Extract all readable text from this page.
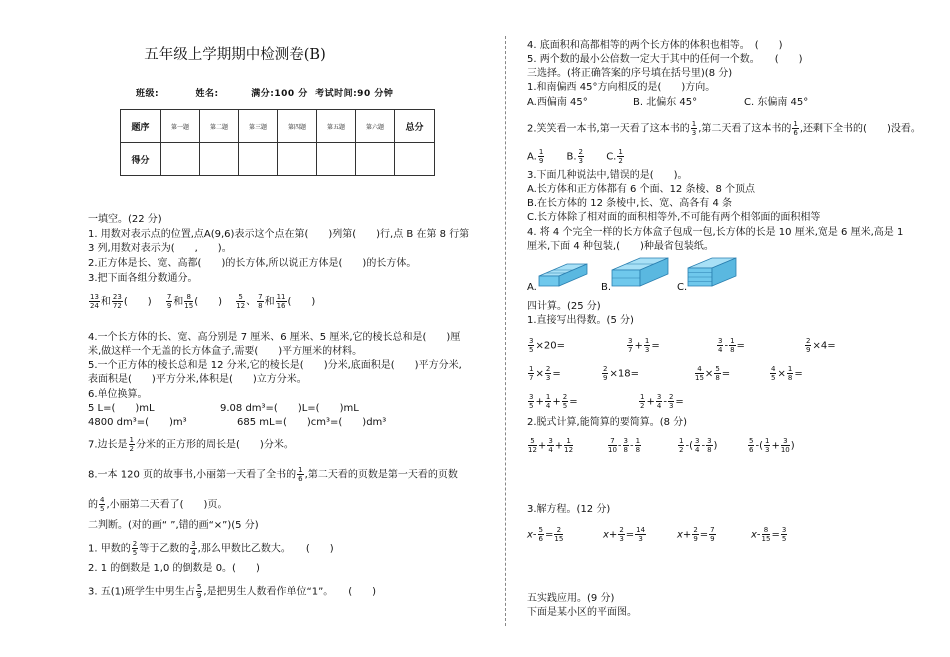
五年级上学期期中检测卷(B)
班级:	姓名:	满分:100 分 考试时间:90 分钟
题序	第一题	第二题	第三题	第四题	第五题	第六题	总分
得分							
一填空。(22 分)
1. 用数对表示点的位置,点A(9,6)表示这个点在第(　　)列第(　　)行,点 B 在第 8 行第
3 列,用数对表示为(　　,　　)。
2.正方体是长、宽、高都(　　)的长方体,所以说正方体是(　　)的长方体。
3.把下面各组分数通分。
$\frac{13}{24}$ 和 $\frac{23}{72}$ (　　)　 $\frac{7}{9}$ 和 $\frac{8}{15}$ (　　)　 $\frac{5}{12}$ 、 $\frac{7}{8}$ 和 $\frac{11}{16}$ (　　)
4.一个长方体的长、宽、高分别是 7 厘米、6 厘米、5 厘米,它的棱长总和是(　　)厘
米,做这样一个无盖的长方体盒子,需要(　　)平方厘米的材料。
5.一个正方体的棱长总和是 12 分米,它的棱长是(　　)分米,底面积是(　　)平方分米,
表面积是(　　)平方分米,体积是(　　)立方分米。
6.单位换算。
5 L=(　　)mL	9.08 dm³=(　　)L=(　　)mL
4800 dm³=(　　)m³	685 mL=(　　)cm³=(　　)dm³
7.边长是 $\frac{1}{2}$ 分米的正方形的周长是(　　)分米。
8.一本 120 页的故事书,小丽第一天看了全书的 $\frac{1}{6}$ ,第二天看的页数是第一天看的页数
的 $\frac{4}{5}$ ,小丽第二天看了(　　)页。
二判断。(对的画“ ”,错的画“×”)(5 分)
1. 甲数的 $\frac{2}{5}$ 等于乙数的 $\frac{3}{4}$ ,那么甲数比乙数大。　　(　　)
2. 1 的倒数是 1,0 的倒数是 0。(　　)
3. 五(1)班学生中男生占 $\frac{5}{9}$ ,是把男生人数看作单位“1”。　　(　　)
4. 底面积和高都相等的两个长方体的体积也相等。　(　　)
5. 两个数的最小公倍数一定大于其中的任何一个数。　　(　　)
三选择。(将正确答案的序号填在括号里)(8 分)
1.和南偏西 45°方向相反的是(　　)方向。
A.西偏南 45°	B. 北偏东 45°	C. 东偏南 45°
2.笑笑看一本书,第一天看了这本书的 $\frac{1}{3}$ ,第二天看了这本书的 $\frac{1}{6}$ ,还剩下全书的(　　)没看。
A. $\frac{1}{9} B$. $\frac{2}{3} C$. $\frac{1}{2}$
3.下面几种说法中,错误的是(　　)。
A.长方体和正方体都有 6 个面、12 条棱、8 个顶点
B.在长方体的 12 条棱中,长、宽、高各有 4 条
C.长方体除了相对面的面积相等外,不可能有两个相邻面的面积相等
4. 将 4 个完全一样的长方体盒子包成一包,长方体的长是 10 厘米,宽是 6 厘米,高是 1
厘米,下面 4 种包装,(　　)种最省包装纸。
A.	B.	C.
四计算。(25 分)
1.直接写出得数。(5 分)
$\frac{3}{5} \times 20=$	$\frac{3}{7} + \frac{1}{3}$ =	$\frac{3}{4} - \frac{1}{8}$ =	$\frac{2}{9} \times 4=$
$\frac{1}{7} \times \frac{2}{3}$ =	$\frac{2}{9} \times 18=$	$\frac{4}{15} \times \frac{5}{8}$ =	$\frac{4}{5} \times \frac{1}{8}$ =
$\frac{3}{5} + \frac{1}{4} + \frac{2}{5}$ =	$\frac{1}{2} + \frac{3}{4} - \frac{2}{3}$ =
2.脱式计算,能简算的要简算。(8 分)
$\frac{5}{12} + \frac{3}{4} + \frac{1}{12}$	$\frac{7}{10} - \frac{3}{8} - \frac{1}{8}$	$\frac{1}{2}$ -( $\frac{3}{4} - \frac{3}{8}$ )	$\frac{5}{6}$ -( $\frac{1}{3} + \frac{3}{10}$ )
3.解方程。(12 分)
$x- \frac{5}{6} = \frac{2}{15}$	$x+ \frac{2}{3} = \frac{14}{3}$	$x+ \frac{2}{9} = \frac{7}{9}$	$x- \frac{8}{15} = \frac{3}{5}$
五实践应用。(9 分)
下面是某小区的平面图。
